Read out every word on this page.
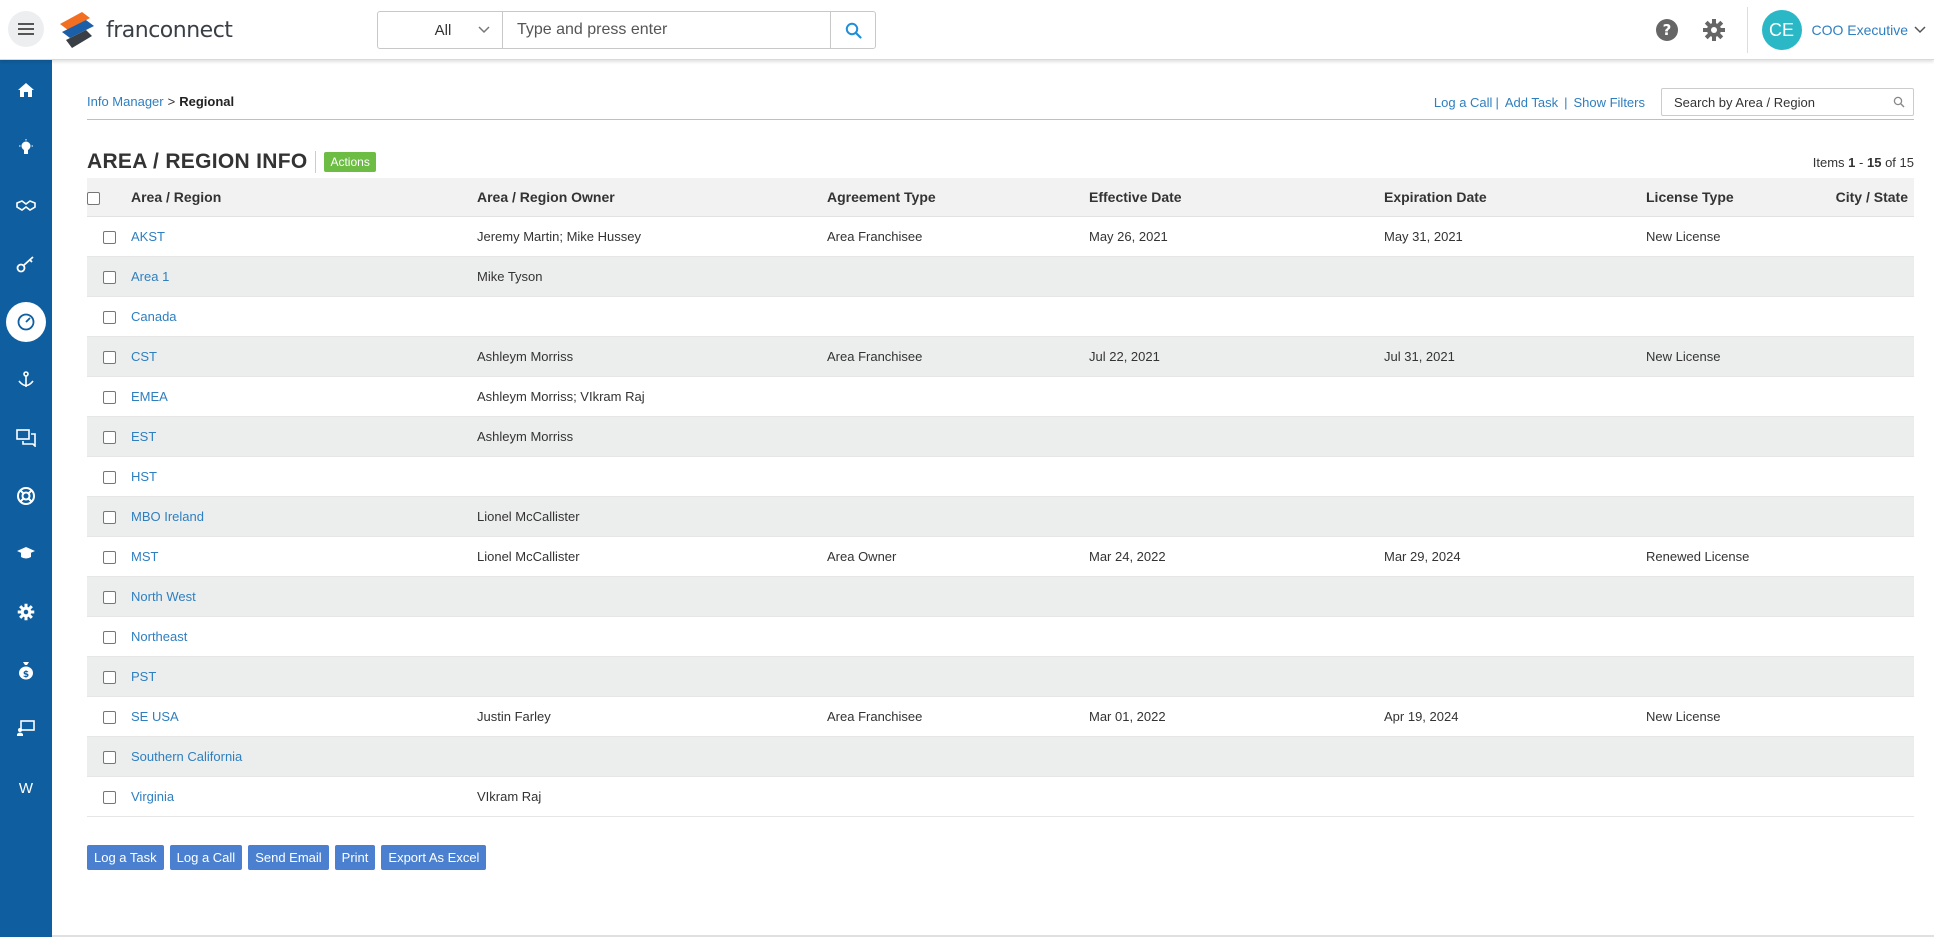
franconnect	All
Type and press enter	?	CE	COO Executive
$
W
Info Manager > Regional	Log a Call | Add Task | Show Filters
Search by Area / Region
AREA / REGION INFO	Actions	Items 1 - 15 of 15
	Area / Region	Area / Region Owner	Agreement Type	Effective Date	Expiration Date	License Type	City / State
	AKST	Jeremy Martin; Mike Hussey	Area Franchisee	May 26, 2021	May 31, 2021	New License	
	Area 1	Mike Tyson					
	Canada						
	CST	Ashleym Morriss	Area Franchisee	Jul 22, 2021	Jul 31, 2021	New License	
	EMEA	Ashleym Morriss; VIkram Raj					
	EST	Ashleym Morriss					
	HST						
	MBO Ireland	Lionel McCallister					
	MST	Lionel McCallister	Area Owner	Mar 24, 2022	Mar 29, 2024	Renewed License	
	North West						
	Northeast						
	PST						
	SE USA	Justin Farley	Area Franchisee	Mar 01, 2022	Apr 19, 2024	New License	
	Southern California						
	Virginia	VIkram Raj					
Log a Task	Log a Call	Send Email	Print	Export As Excel
